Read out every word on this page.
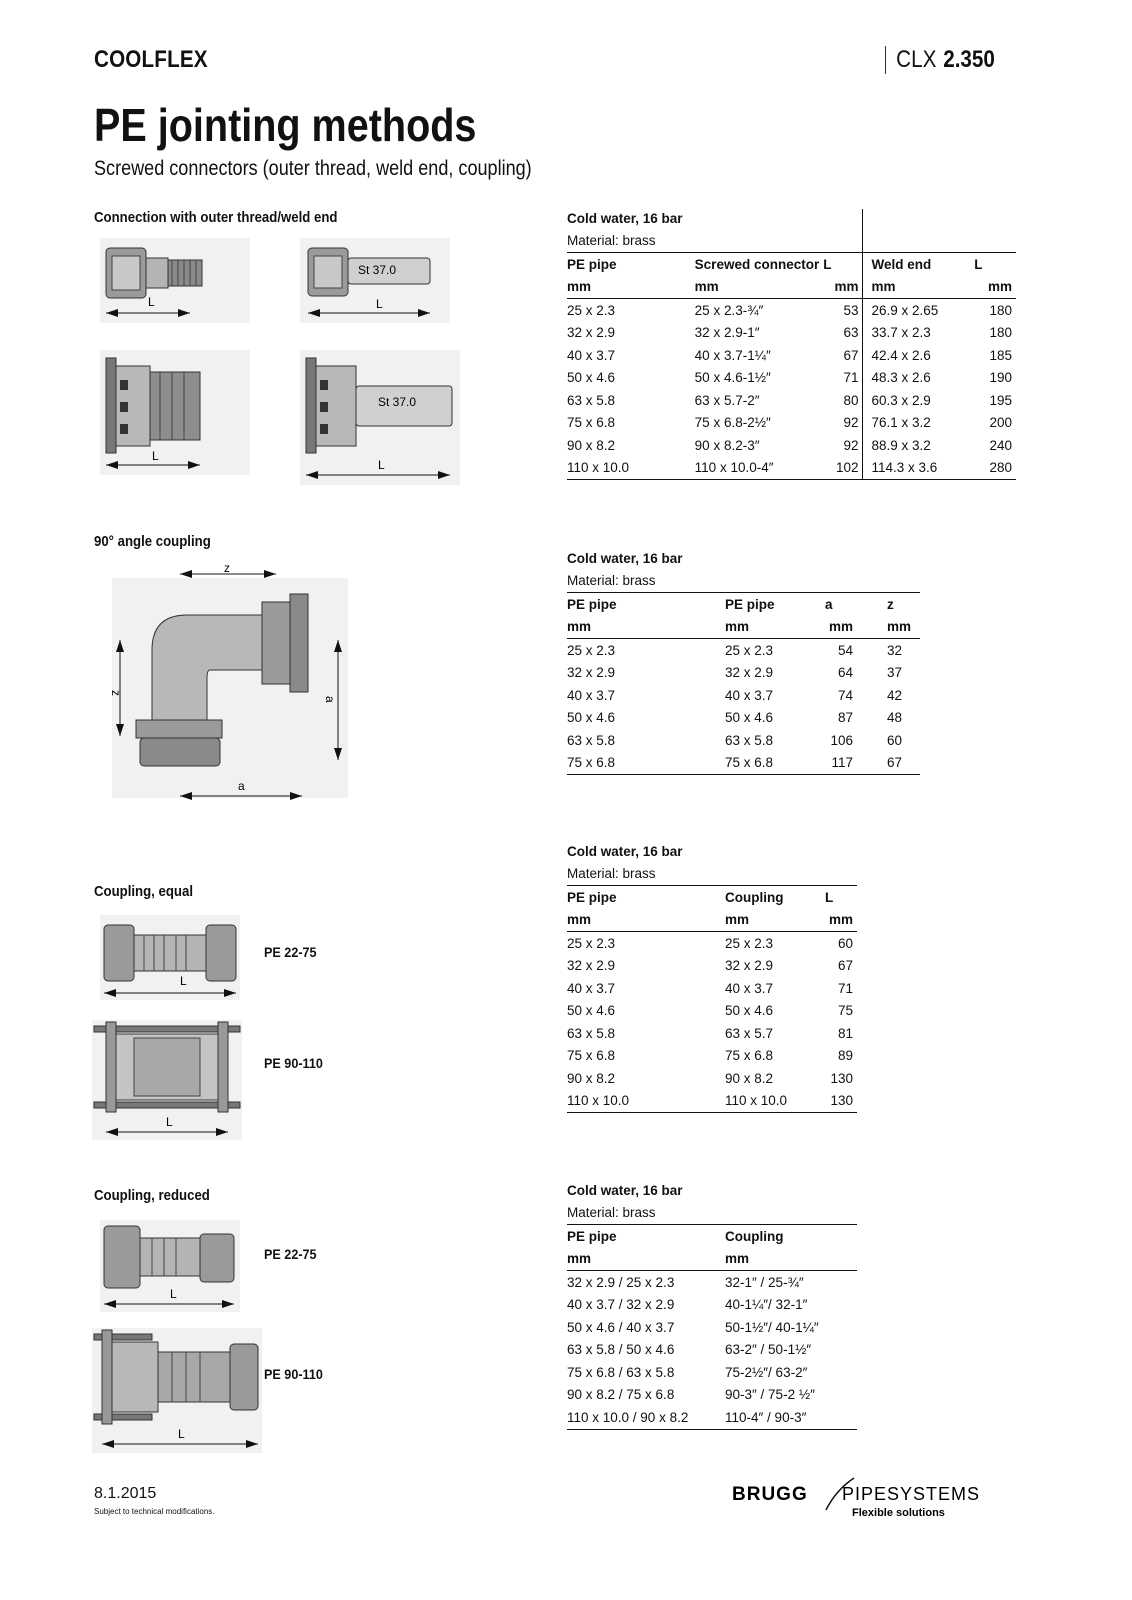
COOLFLEX	CLX 2.350
PE jointing methods
Screwed connectors (outer thread, weld end, coupling)
Connection with outer thread/weld end
90° angle coupling
Coupling, equal
Coupling, reduced
L
St 37.0
L
L
St 37.0
L
z
z
a
a
L
PE 22-75
L
PE 90-110
L
PE 22-75
L
PE 90-110
Cold water, 16 bar				
Material: brass				
PE pipe	Screwed connector	L	Weld end	L
mm	mm	mm	mm	mm
25 x 2.3	25 x 2.3-¾″	53	26.9 x 2.65	180
32 x 2.9	32 x 2.9-1″	63	33.7 x 2.3	180
40 x 3.7	40 x 3.7-1¼″	67	42.4 x 2.6	185
50 x 4.6	50 x 4.6-1½″	71	48.3 x 2.6	190
63 x 5.8	63 x 5.7-2″	80	60.3 x 2.9	195
75 x 6.8	75 x 6.8-2½″	92	76.1 x 3.2	200
90 x 8.2	90 x 8.2-3″	92	88.9 x 3.2	240
110 x 10.0	110 x 10.0-4″	102	114.3 x 3.6	280
Cold water, 16 bar			
Material: brass			
PE pipe	PE pipe	a	z
mm	mm	mm	mm
25 x 2.3	25 x 2.3	54	32
32 x 2.9	32 x 2.9	64	37
40 x 3.7	40 x 3.7	74	42
50 x 4.6	50 x 4.6	87	48
63 x 5.8	63 x 5.8	106	60
75 x 6.8	75 x 6.8	117	67
Cold water, 16 bar		
Material: brass		
PE pipe	Coupling	L
mm	mm	mm
25 x 2.3	25 x 2.3	60
32 x 2.9	32 x 2.9	67
40 x 3.7	40 x 3.7	71
50 x 4.6	50 x 4.6	75
63 x 5.8	63 x 5.7	81
75 x 6.8	75 x 6.8	89
90 x 8.2	90 x 8.2	130
110 x 10.0	110 x 10.0	130
Cold water, 16 bar	
Material: brass	
PE pipe	Coupling
mm	mm
32 x 2.9 / 25 x 2.3	32-1″ / 25-¾″
40 x 3.7 / 32 x 2.9	40-1¼″/ 32-1″
50 x 4.6 / 40 x 3.7	50-1½″/ 40-1¼″
63 x 5.8 / 50 x 4.6	63-2″ / 50-1½″
75 x 6.8 / 63 x 5.8	75-2½″/ 63-2″
90 x 8.2 / 75 x 6.8	90-3″ / 75-2 ½″
110 x 10.0 / 90 x 8.2	110-4″ / 90-3″
8.1.2015
Subject to technical modifications.
BRUGG PIPESYSTEMS
Flexible solutions
